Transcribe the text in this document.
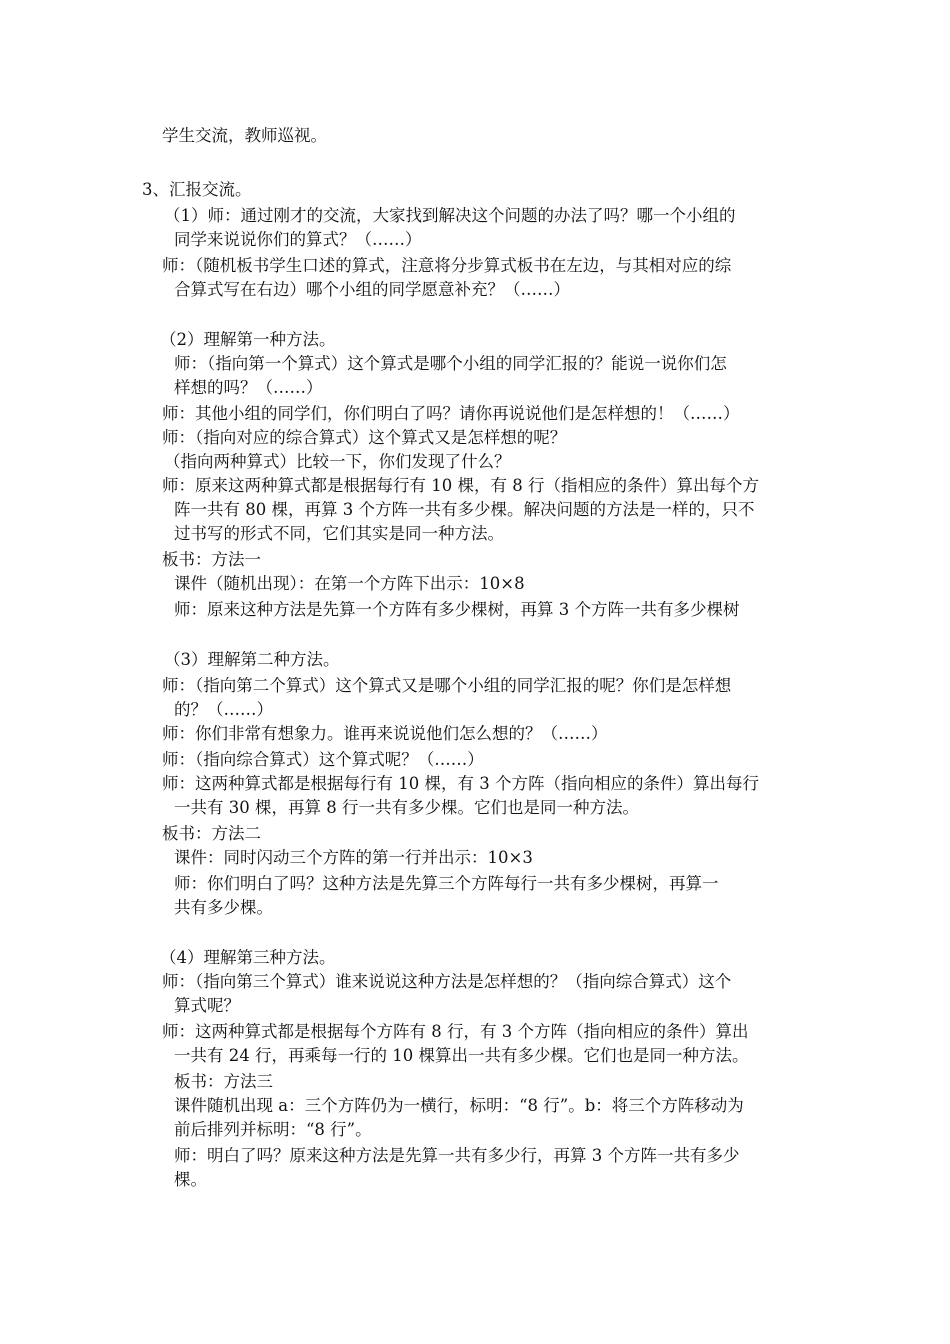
学生交流，教师巡视。

3、汇报交流。

（1）师：通过刚才的交流，大家找到解决这个问题的办法了吗？哪一个小组的
同学来说说你们的算式？（……）

师：（随机板书学生口述的算式，注意将分步算式板书在左边，与其相对应的综
合算式写在右边）哪个小组的同学愿意补充？（……）

（2）理解第一种方法。

师：（指向第一个算式）这个算式是哪个小组的同学汇报的？能说一说你们怎
样想的吗？（……）

师：其他小组的同学们，你们明白了吗？请你再说说他们是怎样想的！（……）

师：（指向对应的综合算式）这个算式又是怎样想的呢？

（指向两种算式）比较一下，你们发现了什么？

师：原来这两种算式都是根据每行有 10 棵，有 8 行（指相应的条件）算出每个方
阵一共有 80 棵，再算 3 个方阵一共有多少棵。解决问题的方法是一样的，只不
过书写的形式不同，它们其实是同一种方法。

板书：方法一

课件（随机出现）：在第一个方阵下出示：10×8

师：原来这种方法是先算一个方阵有多少棵树，再算 3 个方阵一共有多少棵树

（3）理解第二种方法。

师：（指向第二个算式）这个算式又是哪个小组的同学汇报的呢？你们是怎样想
的？（……）

师：你们非常有想象力。谁再来说说他们怎么想的？（……）

师：（指向综合算式）这个算式呢？（……）

师：这两种算式都是根据每行有 10 棵，有 3 个方阵（指向相应的条件）算出每行
一共有 30 棵，再算 8 行一共有多少棵。它们也是同一种方法。

板书：方法二

课件：同时闪动三个方阵的第一行并出示：10×3

师：你们明白了吗？这种方法是先算三个方阵每行一共有多少棵树，再算一
共有多少棵。

（4）理解第三种方法。

师：（指向第三个算式）谁来说说这种方法是怎样想的？（指向综合算式）这个
算式呢？

师：这两种算式都是根据每个方阵有 8 行，有 3 个方阵（指向相应的条件）算出
一共有 24 行，再乘每一行的 10 棵算出一共有多少棵。它们也是同一种方法。

板书：方法三

课件随机出现 a：三个方阵仍为一横行，标明：“8 行”。b：将三个方阵移动为
前后排列并标明：“8 行”。

师：明白了吗？原来这种方法是先算一共有多少行，再算 3 个方阵一共有多少
棵。
